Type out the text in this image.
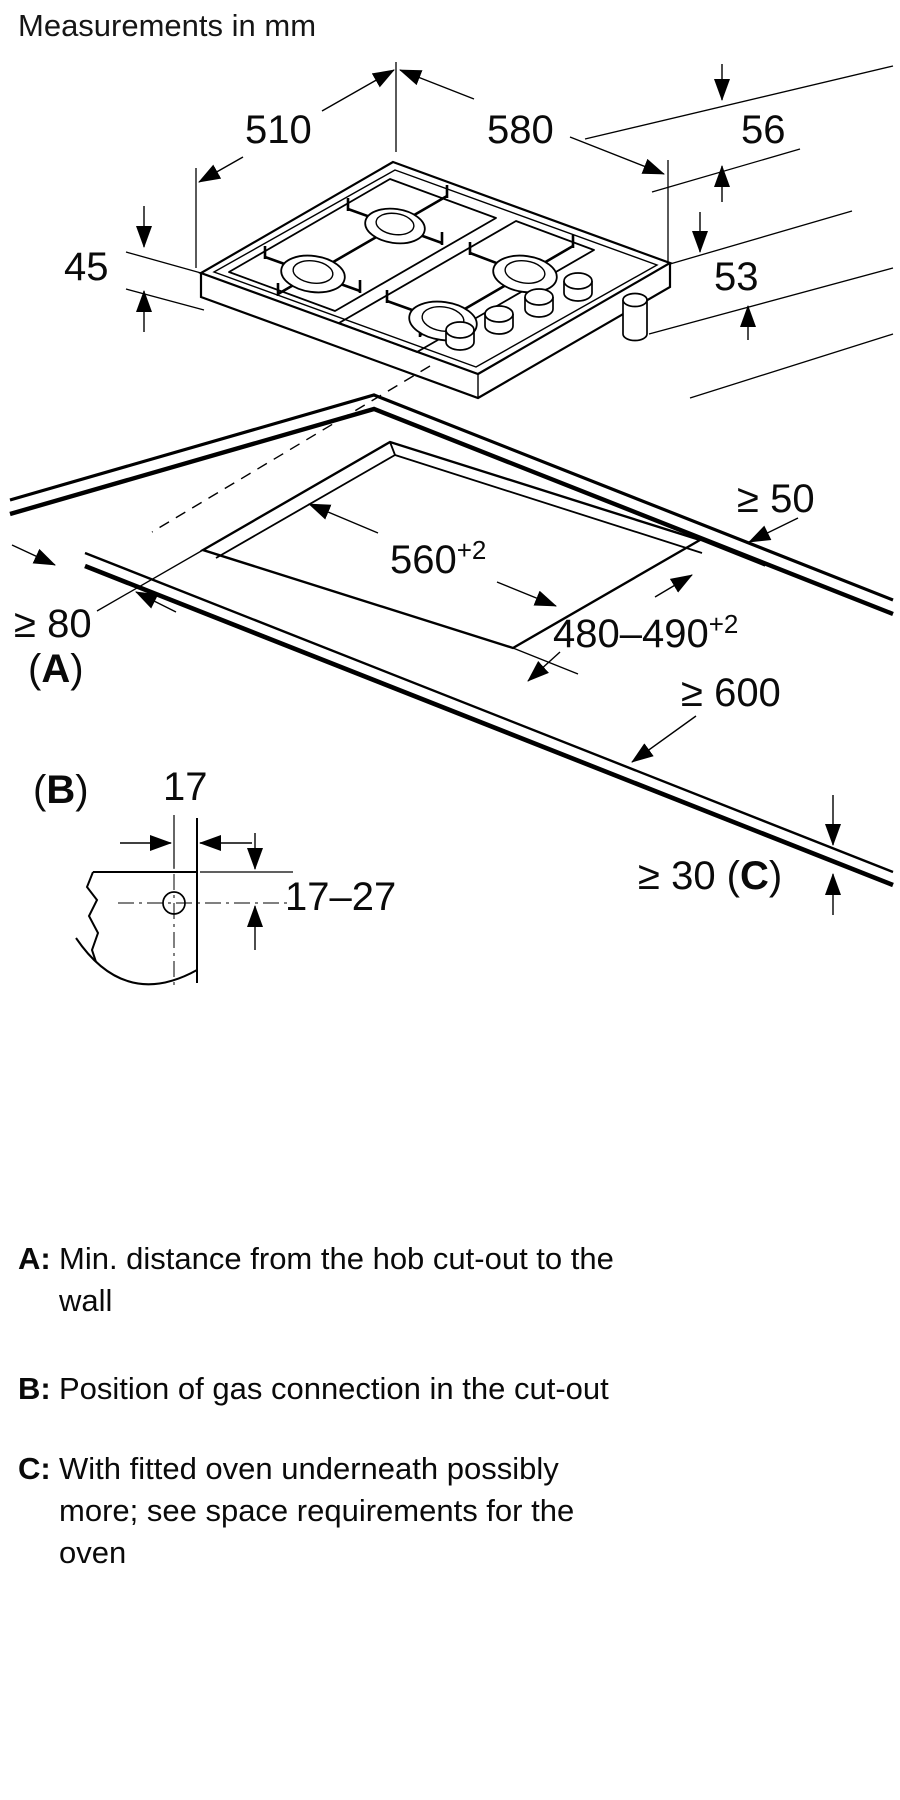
Measurements in mm
510	580	56
53
45
$560^{+2}$
$480-490^{+2}$
≥ 50
≥ 80
(A)
≥ 600
≥ 30 (C)
(B) 17
17–27
A: Min. distance from the hob cut-out to the
wall
B: Position of gas connection in the cut-out
C: With fitted oven underneath possibly
more; see space requirements for the
oven
